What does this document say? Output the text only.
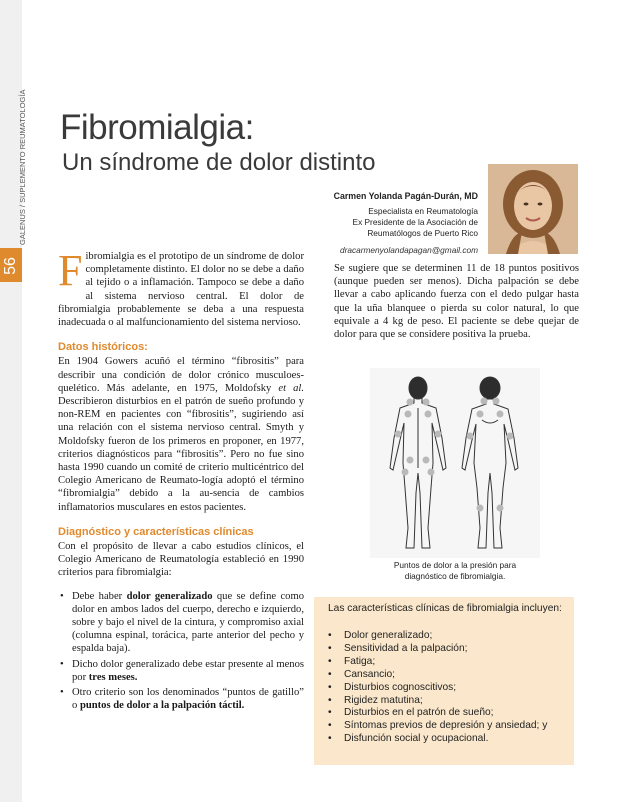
GALENUS / SUPLEMENTO REUMATOLOGÍA
56
Fibromialgia:
Un síndrome de dolor distinto
Carmen Yolanda Pagán-Durán, MD
Especialista en Reumatología
Ex Presidente de la Asociación de
Reumatólogos de Puerto Rico
dracarmenyolandapagan@gmail.com

Fibromialgia es el prototipo de un síndrome de dolor completamente distinto. El dolor no se debe a daño al tejido o a inflamación. Tampoco se debe a daño al sistema nervioso central. El dolor de fibromialgia probablemente se deba a una respuesta inadecuada o al malfuncionamiento del sistema nervioso.

Datos históricos:

En 1904 Gowers acuñó el término “fibrositis” para describir una condición de dolor crónico musculoes-quelético. Más adelante, en 1975, Moldofsky et al. Describieron disturbios en el patrón de sueño profundo y non-REM en pacientes con “fibrositis”, sugiriendo así una relación con el sistema nervioso central. Smyth y Moldofsky fueron de los primeros en proponer, en 1977, criterios diagnósticos para “fibrositis”. Pero no fue sino hasta 1990 cuando un comité de criterio multicéntrico del Colegio Americano de Reumato-logía adoptó el término “fibromialgia” debido a la au-sencia de cambios inflamatorios musculares en estos pacientes.

Diagnóstico y características clínicas

Con el propósito de llevar a cabo estudios clínicos, el Colegio Americano de Reumatología estableció en 1990 criterios para fibromialgia:

• Debe haber dolor generalizado que se define como dolor en ambos lados del cuerpo, derecho e izquierdo, sobre y bajo el nivel de la cintura, y compromiso axial (columna espinal, torácica, parte anterior del pecho y espalda baja).
• Dicho dolor generalizado debe estar presente al menos por tres meses.
• Otro criterio son los denominados “puntos de gatillo” o puntos de dolor a la palpación táctil.

Se sugiere que se determinen 11 de 18 puntos positivos (aunque pueden ser menos). Dicha palpación se debe llevar a cabo aplicando fuerza con el dedo pulgar hasta que la uña blanquee o pierda su color natural, lo que equivale a 4 kg de peso. El paciente se debe quejar de dolor para que se considere positiva la prueba.

Puntos de dolor a la presión para
diagnóstico de fibromialgia.
Las características clínicas de fibromialgia incluyen:
• Dolor generalizado;
• Sensitividad a la palpación;
• Fatiga;
• Cansancio;
• Disturbios cognoscitivos;
• Rigidez matutina;
• Disturbios en el patrón de sueño;
• Síntomas previos de depresión y ansiedad; y
• Disfunción social y ocupacional.
